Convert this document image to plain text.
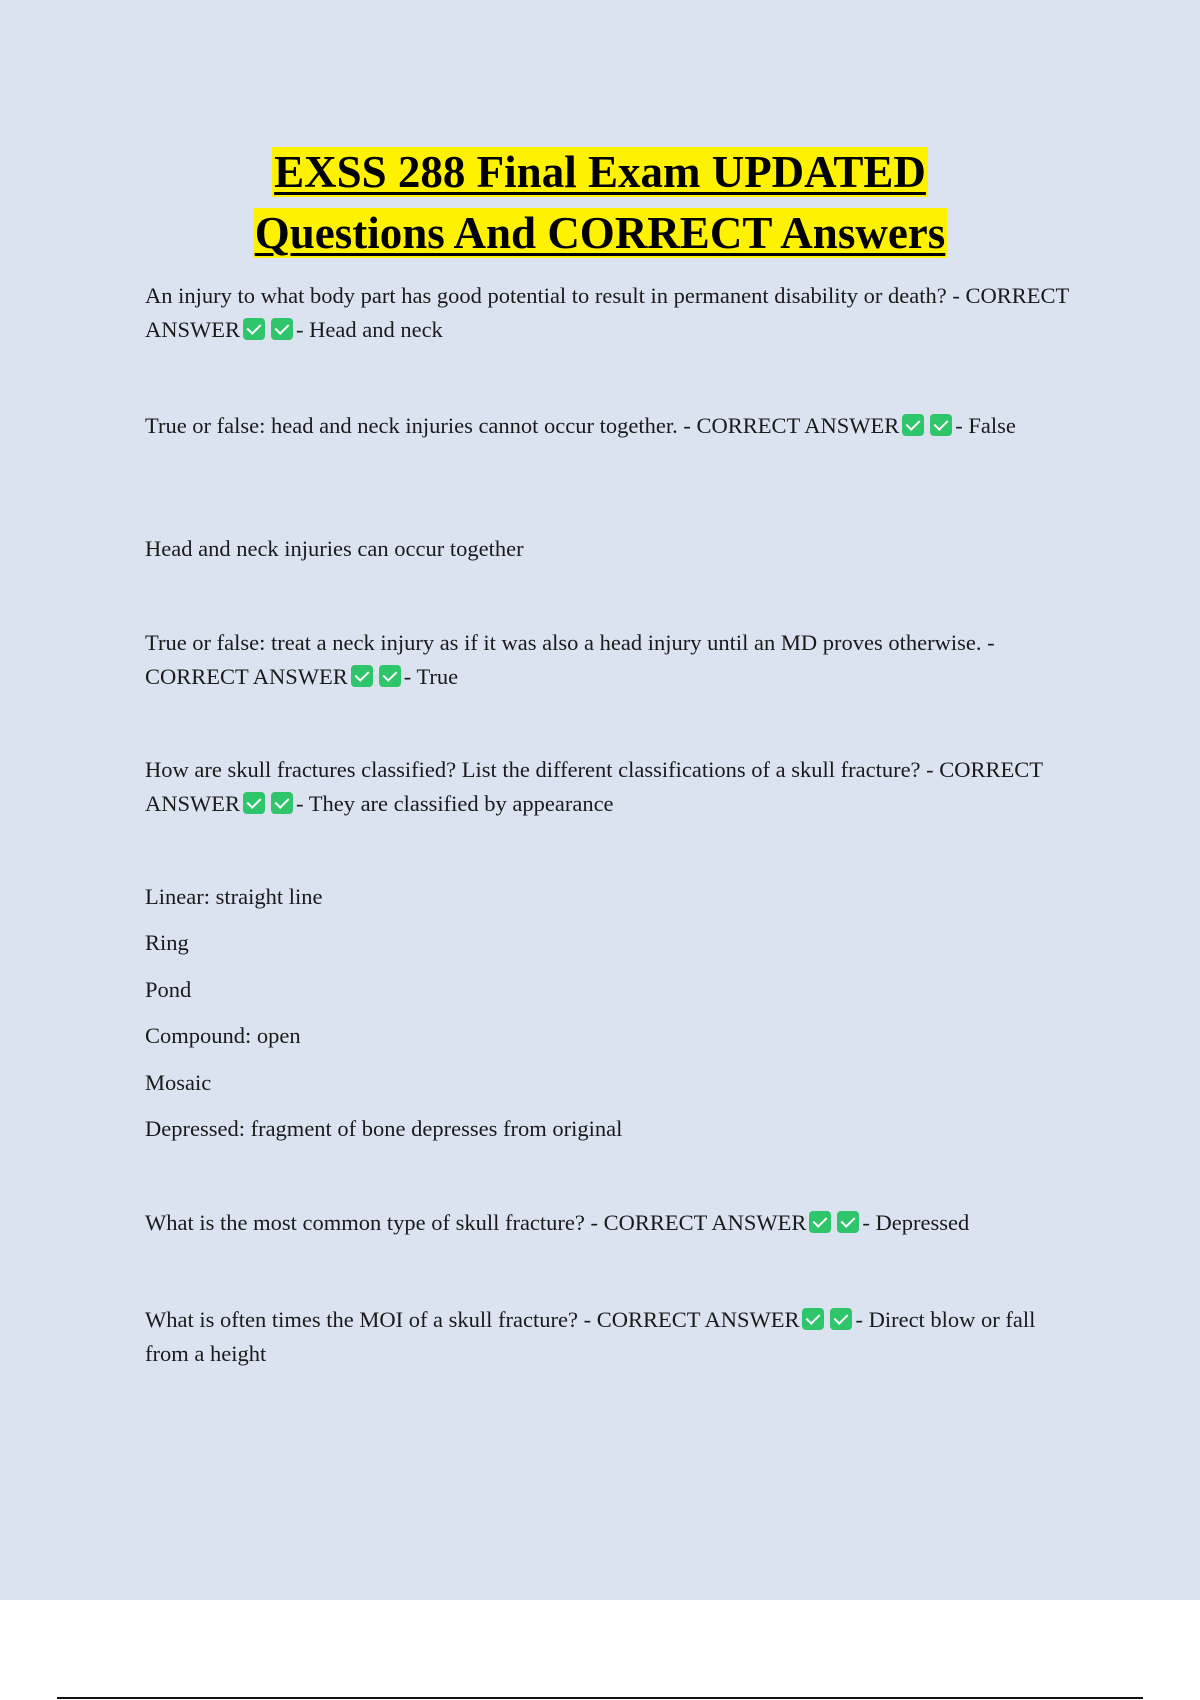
EXSS 288 Final Exam UPDATED
Questions And CORRECT Answers

An injury to what body part has good potential to result in permanent disability or death? - CORRECT ANSWER - Head and neck

True or false: head and neck injuries cannot occur together. - CORRECT ANSWER - False

Head and neck injuries can occur together

True or false: treat a neck injury as if it was also a head injury until an MD proves otherwise. - CORRECT ANSWER - True

How are skull fractures classified? List the different classifications of a skull fracture? - CORRECT ANSWER - They are classified by appearance

Linear: straight line

Ring

Pond

Compound: open

Mosaic

Depressed: fragment of bone depresses from original

What is the most common type of skull fracture? - CORRECT ANSWER - Depressed

What is often times the MOI of a skull fracture? - CORRECT ANSWER - Direct blow or fall from a height
